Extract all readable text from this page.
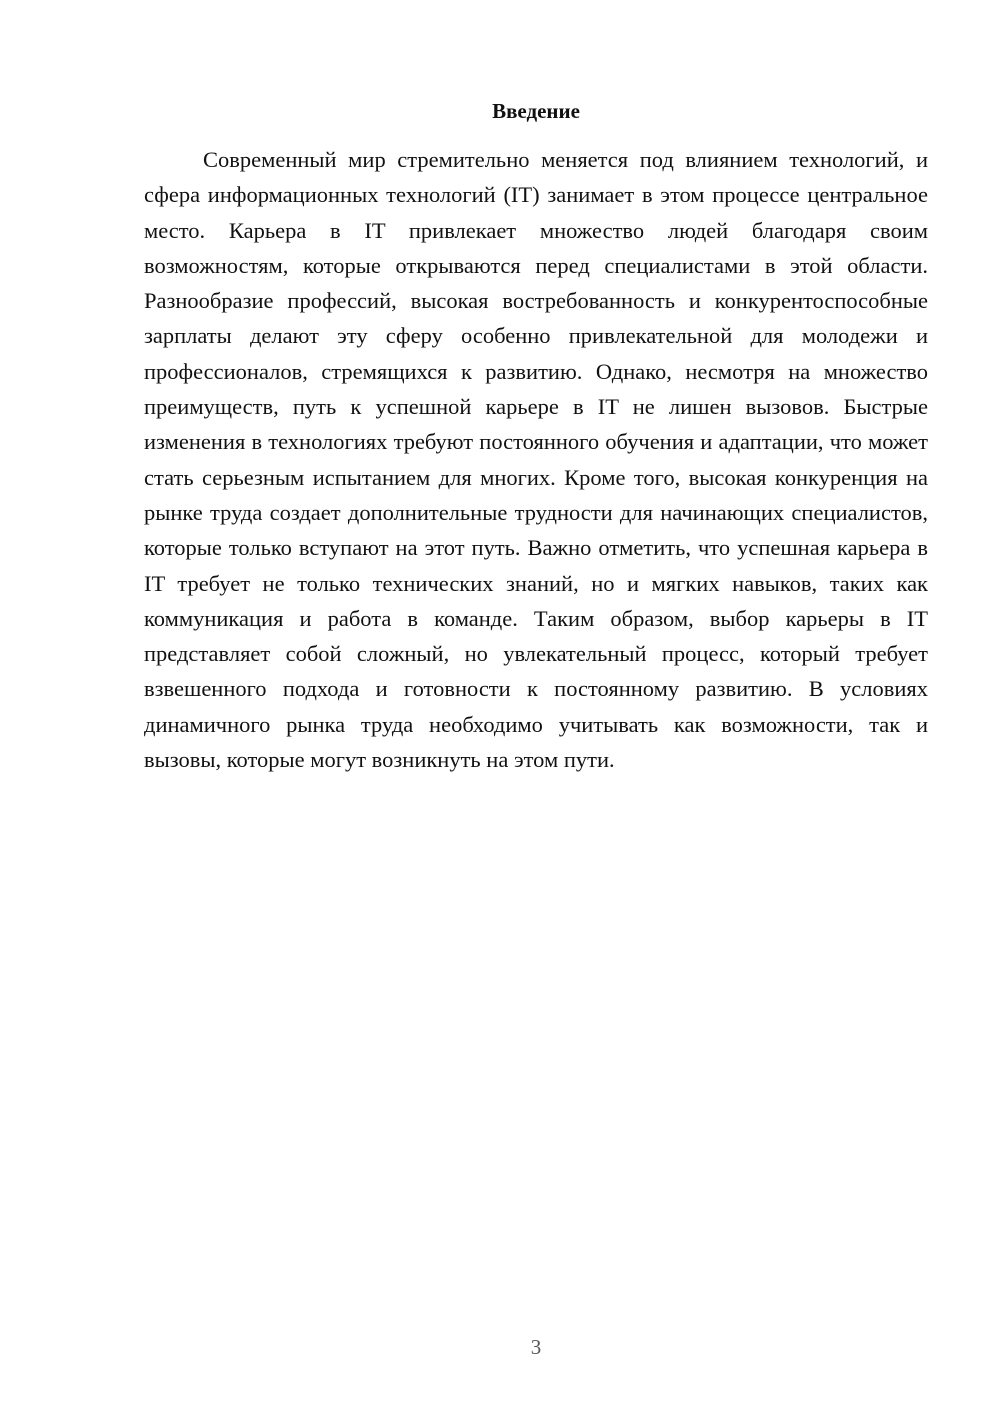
Введение

Современный мир стремительно меняется под влиянием технологий, и сфера информационных технологий (IT) занимает в этом процессе центральное место. Карьера в IT привлекает множество людей благодаря своим возможностям, которые открываются перед специалистами в этой области. Разнообразие профессий, высокая востребованность и конкурентоспособные зарплаты делают эту сферу особенно привлекательной для молодежи и профессионалов, стремящихся к развитию. Однако, несмотря на множество преимуществ, путь к успешной карьере в IT не лишен вызовов. Быстрые изменения в технологиях требуют постоянного обучения и адаптации, что может стать серьезным испытанием для многих. Кроме того, высокая конкуренция на рынке труда создает дополнительные трудности для начинающих специалистов, которые только вступают на этот путь. Важно отметить, что успешная карьера в IT требует не только технических знаний, но и мягких навыков, таких как коммуникация и работа в команде. Таким образом, выбор карьеры в IT представляет собой сложный, но увлекательный процесс, который требует взвешенного подхода и готовности к постоянному развитию. В условиях динамичного рынка труда необходимо учитывать как возможности, так и вызовы, которые могут возникнуть на этом пути.

3
